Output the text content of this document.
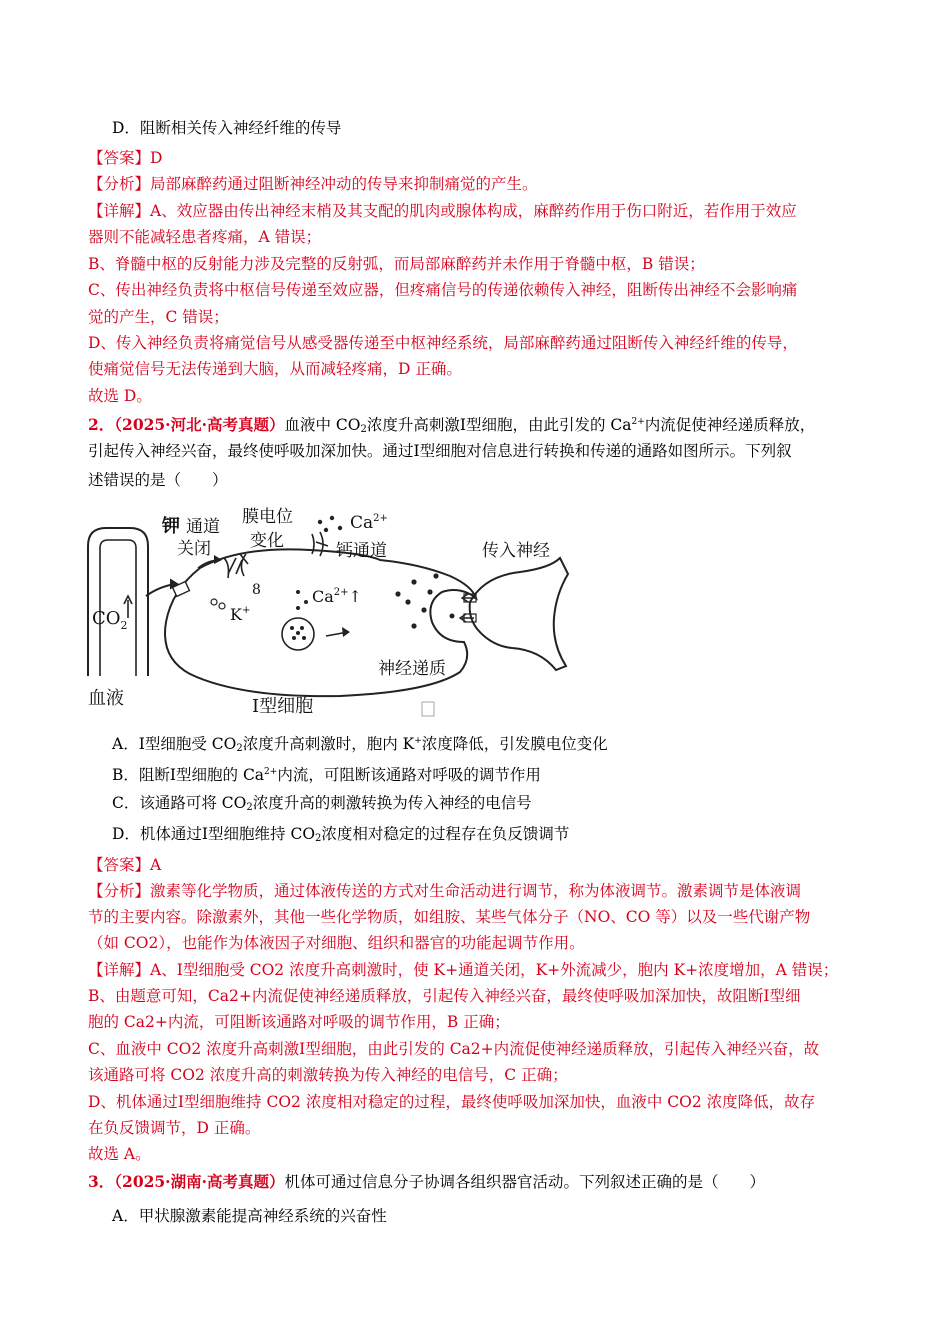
D．阻断相关传入神经纤维的传导
【答案】D
【分析】局部麻醉药通过阻断神经冲动的传导来抑制痛觉的产生。
【详解】A、效应器由传出神经末梢及其支配的肌肉或腺体构成，麻醉药作用于伤口附近，若作用于效应
器则不能减轻患者疼痛，A 错误；
B、脊髓中枢的反射能力涉及完整的反射弧，而局部麻醉药并未作用于脊髓中枢，B 错误；
C、传出神经负责将中枢信号传递至效应器，但疼痛信号的传递依赖传入神经，阻断传出神经不会影响痛
觉的产生，C 错误；
D、传入神经负责将痛觉信号从感受器传递至中枢神经系统，局部麻醉药通过阻断传入神经纤维的传导，
使痛觉信号无法传递到大脑，从而减轻疼痛，D 正确。
故选 D。
2．（2025·河北·高考真题）血液中 $CO_2$浓度升高刺激Ⅰ型细胞，由此引发的 $Ca^{2+}$内流促使神经递质释放，
引起传入神经兴奋，最终使呼吸加深加快。通过Ⅰ型细胞对信息进行转换和传递的通路如图所示。下列叙
述错误的是（　　）
$CO_2$
8
钾 通道
关闭
膜电位
变化
$Ca^{2+}$
钙通道	传入神经
K+
$Ca^{2+}↑$
神经递质
血液	Ⅰ型细胞
A．Ⅰ型细胞受 $CO_2$浓度升高刺激时，胞内 K+浓度降低，引发膜电位变化
B．阻断Ⅰ型细胞的 $Ca^{2+}$内流，可阻断该通路对呼吸的调节作用
C．该通路可将 $CO_2$浓度升高的刺激转换为传入神经的电信号
D．机体通过Ⅰ型细胞维持 $CO_2$浓度相对稳定的过程存在负反馈调节
【答案】A
【分析】激素等化学物质，通过体液传送的方式对生命活动进行调节，称为体液调节。激素调节是体液调
节的主要内容。除激素外，其他一些化学物质，如组胺、某些气体分子（NO、CO 等）以及一些代谢产物
（如 CO2），也能作为体液因子对细胞、组织和器官的功能起调节作用。
【详解】A、Ⅰ型细胞受 CO2 浓度升高刺激时，使 K+通道关闭，K+外流减少，胞内 K+浓度增加，A 错误；
B、由题意可知，Ca2+内流促使神经递质释放，引起传入神经兴奋，最终使呼吸加深加快，故阻断Ⅰ型细
胞的 Ca2+内流，可阻断该通路对呼吸的调节作用，B 正确；
C、血液中 CO2 浓度升高刺激Ⅰ型细胞，由此引发的 Ca2+内流促使神经递质释放，引起传入神经兴奋，故
该通路可将 CO2 浓度升高的刺激转换为传入神经的电信号，C 正确；
D、机体通过Ⅰ型细胞维持 CO2 浓度相对稳定的过程，最终使呼吸加深加快，血液中 CO2 浓度降低，故存
在负反馈调节，D 正确。
故选 A。
3．（2025·湖南·高考真题）机体可通过信息分子协调各组织器官活动。下列叙述正确的是（　　）
A．甲状腺激素能提高神经系统的兴奋性
